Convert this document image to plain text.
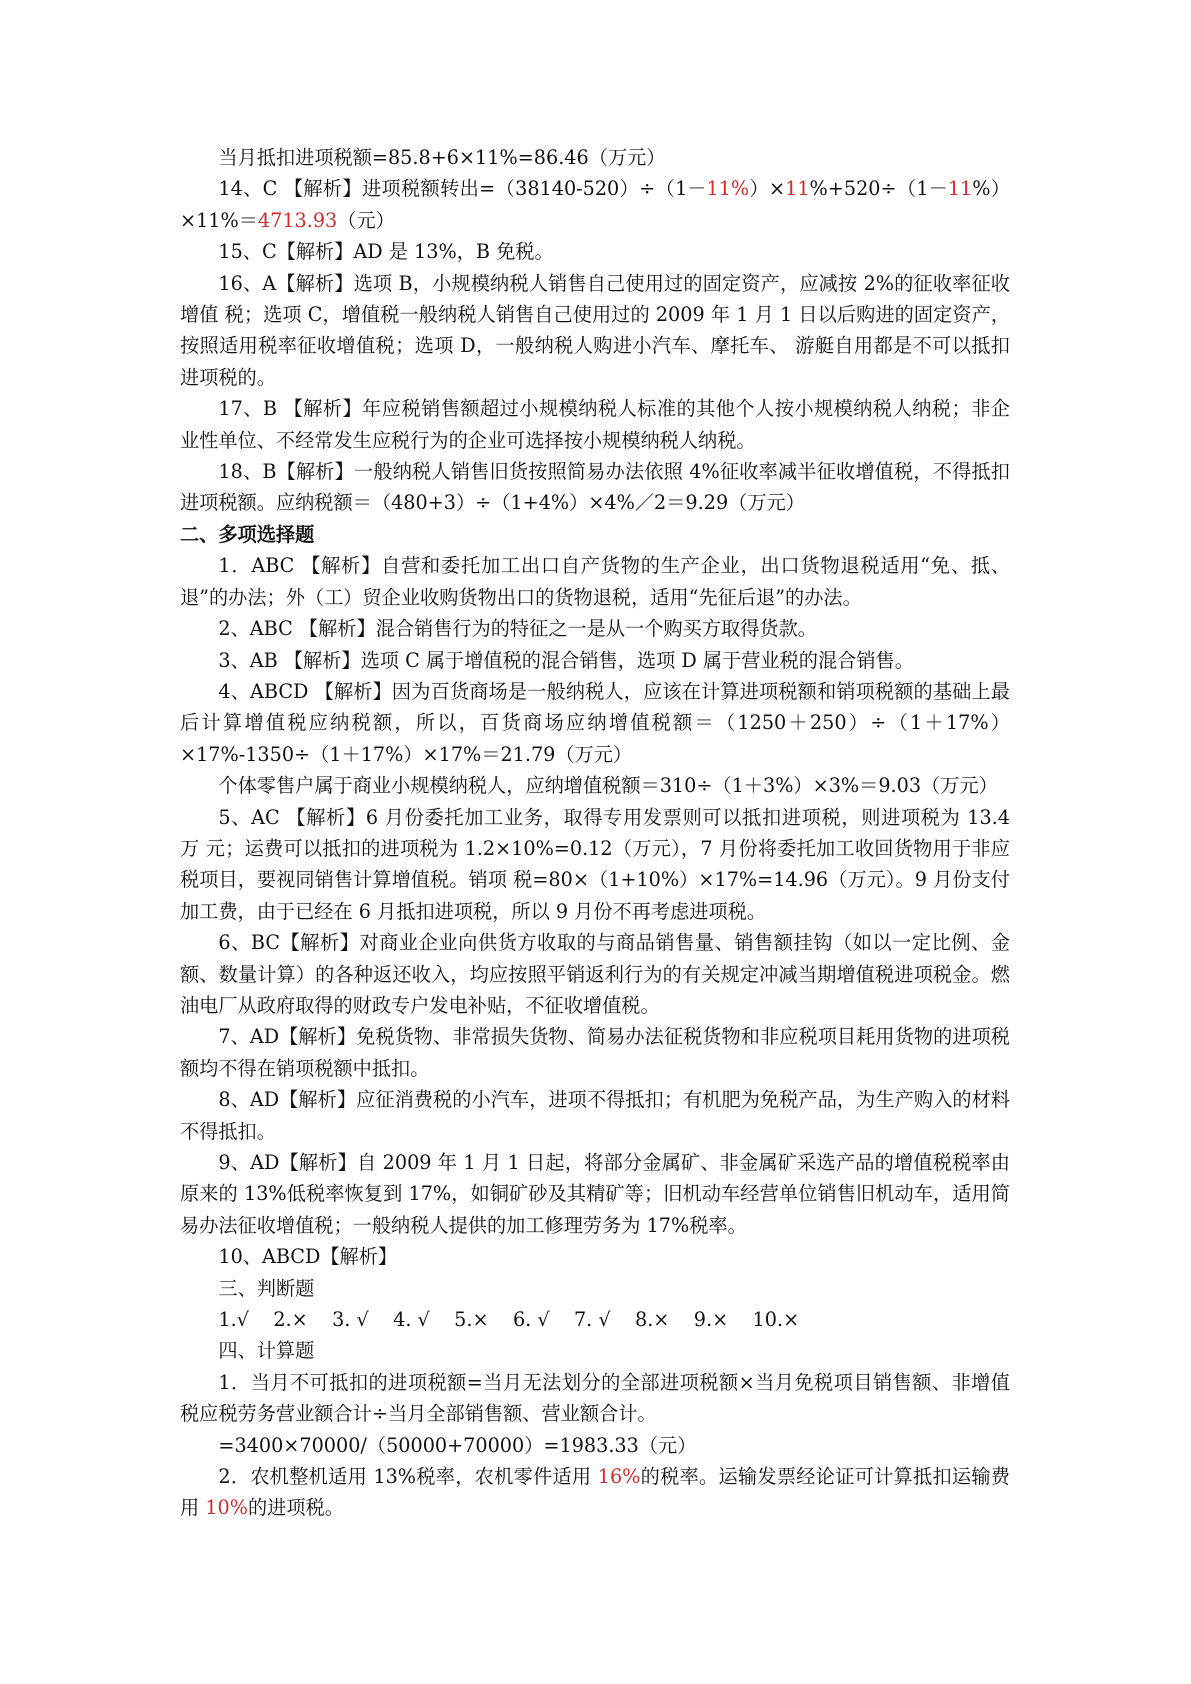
当月抵扣进项税额=85.8+6×11%=86.46（万元）

14、C 【解析】进项税额转出=（38140-520）÷（1－11%）×11%+520÷（1－11%）×11%＝4713.93（元）

15、C【解析】AD 是 13%，B 免税。

16、A【解析】选项 B，小规模纳税人销售自己使用过的固定资产，应减按 2%的征收率征收增值 税；选项 C，增值税一般纳税人销售自己使用过的 2009 年 1 月 1 日以后购进的固定资产，按照适用税率征收增值税；选项 D，一般纳税人购进小汽车、摩托车、 游艇自用都是不可以抵扣进项税的。

17、B 【解析】年应税销售额超过小规模纳税人标准的其他个人按小规模纳税人纳税；非企业性单位、不经常发生应税行为的企业可选择按小规模纳税人纳税。

18、B【解析】一般纳税人销售旧货按照简易办法依照 4%征收率减半征收增值税，不得抵扣进项税额。应纳税额＝（480+3）÷（1+4%）×4%／2＝9.29（万元）

二、多项选择题

1．ABC 【解析】自营和委托加工出口自产货物的生产企业，出口货物退税适用“免、抵、退”的办法；外（工）贸企业收购货物出口的货物退税，适用“先征后退”的办法。

2、ABC 【解析】混合销售行为的特征之一是从一个购买方取得货款。

3、AB 【解析】选项 C 属于增值税的混合销售，选项 D 属于营业税的混合销售。

4、ABCD 【解析】因为百货商场是一般纳税人，应该在计算进项税额和销项税额的基础上最后计算增值税应纳税额，所以，百货商场应纳增值税额＝（1250＋250）÷（1＋17%）×17%-1350÷（1＋17%）×17%＝21.79（万元）

个体零售户属于商业小规模纳税人，应纳增值税额＝310÷（1＋3%）×3%＝9.03（万元）

5、AC 【解析】6 月份委托加工业务，取得专用发票则可以抵扣进项税，则进项税为 13.4 万 元；运费可以抵扣的进项税为 1.2×10%=0.12（万元），7 月份将委托加工收回货物用于非应税项目，要视同销售计算增值税。销项 税=80×（1+10%）×17%=14.96（万元）。9 月份支付加工费，由于已经在 6 月抵扣进项税，所以 9 月份不再考虑进项税。

6、BC【解析】对商业企业向供货方收取的与商品销售量、销售额挂钩（如以一定比例、金额、数量计算）的各种返还收入，均应按照平销返利行为的有关规定冲减当期增值税进项税金。燃油电厂从政府取得的财政专户发电补贴，不征收增值税。

7、AD【解析】免税货物、非常损失货物、简易办法征税货物和非应税项目耗用货物的进项税额均不得在销项税额中抵扣。

8、AD【解析】应征消费税的小汽车，进项不得抵扣；有机肥为免税产品，为生产购入的材料不得抵扣。

9、AD【解析】自 2009 年 1 月 1 日起，将部分金属矿、非金属矿采选产品的增值税税率由原来的 13%低税率恢复到 17%，如铜矿砂及其精矿等；旧机动车经营单位销售旧机动车，适用简易办法征收增值税；一般纳税人提供的加工修理劳务为 17%税率。

10、ABCD【解析】

三、判断题

1.√    2.×    3. √    4. √    5.×    6. √    7. √    8.×    9.×    10.×

四、计算题

1．当月不可抵扣的进项税额=当月无法划分的全部进项税额×当月免税项目销售额、非增值税应税劳务营业额合计÷当月全部销售额、营业额合计。

=3400×70000/（50000+70000）=1983.33（元）

2．农机整机适用 13%税率，农机零件适用 16%的税率。运输发票经论证可计算抵扣运输费用 10%的进项税。
